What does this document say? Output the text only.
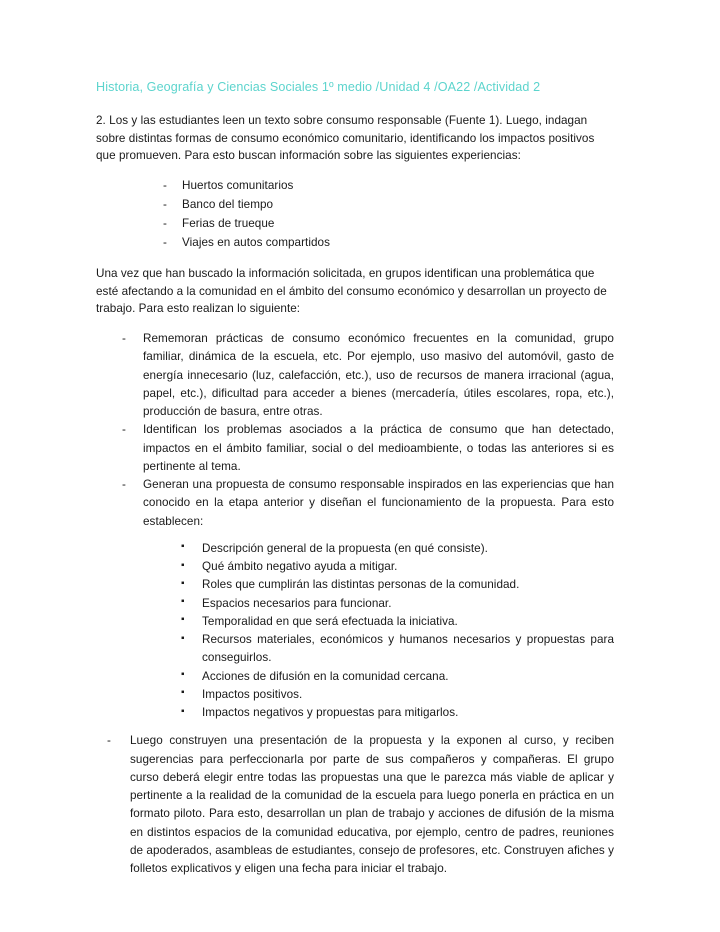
Historia, Geografía y Ciencias Sociales 1º medio /Unidad 4 /OA22 /Actividad 2

2. Los y las estudiantes leen un texto sobre consumo responsable (Fuente 1). Luego, indagan sobre distintas formas de consumo económico comunitario, identificando los impactos positivos que promueven. Para esto buscan información sobre las siguientes experiencias:

- Huertos comunitarios
- Banco del tiempo
- Ferias de trueque
- Viajes en autos compartidos

Una vez que han buscado la información solicitada, en grupos identifican una problemática que esté afectando a la comunidad en el ámbito del consumo económico y desarrollan un proyecto de trabajo. Para esto realizan lo siguiente:

- Rememoran prácticas de consumo económico frecuentes en la comunidad, grupo familiar, dinámica de la escuela, etc. Por ejemplo, uso masivo del automóvil, gasto de energía innecesario (luz, calefacción, etc.), uso de recursos de manera irracional (agua, papel, etc.), dificultad para acceder a bienes (mercadería, útiles escolares, ropa, etc.), producción de basura, entre otras.
- Identifican los problemas asociados a la práctica de consumo que han detectado, impactos en el ámbito familiar, social o del medioambiente, o todas las anteriores si es pertinente al tema.
- Generan una propuesta de consumo responsable inspirados en las experiencias que han conocido en la etapa anterior y diseñan el funcionamiento de la propuesta. Para esto establecen:
▪ Descripción general de la propuesta (en qué consiste).
▪ Qué ámbito negativo ayuda a mitigar.
▪ Roles que cumplirán las distintas personas de la comunidad.
▪ Espacios necesarios para funcionar.
▪ Temporalidad en que será efectuada la iniciativa.
▪ Recursos materiales, económicos y humanos necesarios y propuestas para conseguirlos.
▪ Acciones de difusión en la comunidad cercana.
▪ Impactos positivos.
▪ Impactos negativos y propuestas para mitigarlos.
- Luego construyen una presentación de la propuesta y la exponen al curso, y reciben sugerencias para perfeccionarla por parte de sus compañeros y compañeras. El grupo curso deberá elegir entre todas las propuestas una que le parezca más viable de aplicar y pertinente a la realidad de la comunidad de la escuela para luego ponerla en práctica en un formato piloto. Para esto, desarrollan un plan de trabajo y acciones de difusión de la misma en distintos espacios de la comunidad educativa, por ejemplo, centro de padres, reuniones de apoderados, asambleas de estudiantes, consejo de profesores, etc. Construyen afiches y folletos explicativos y eligen una fecha para iniciar el trabajo.
